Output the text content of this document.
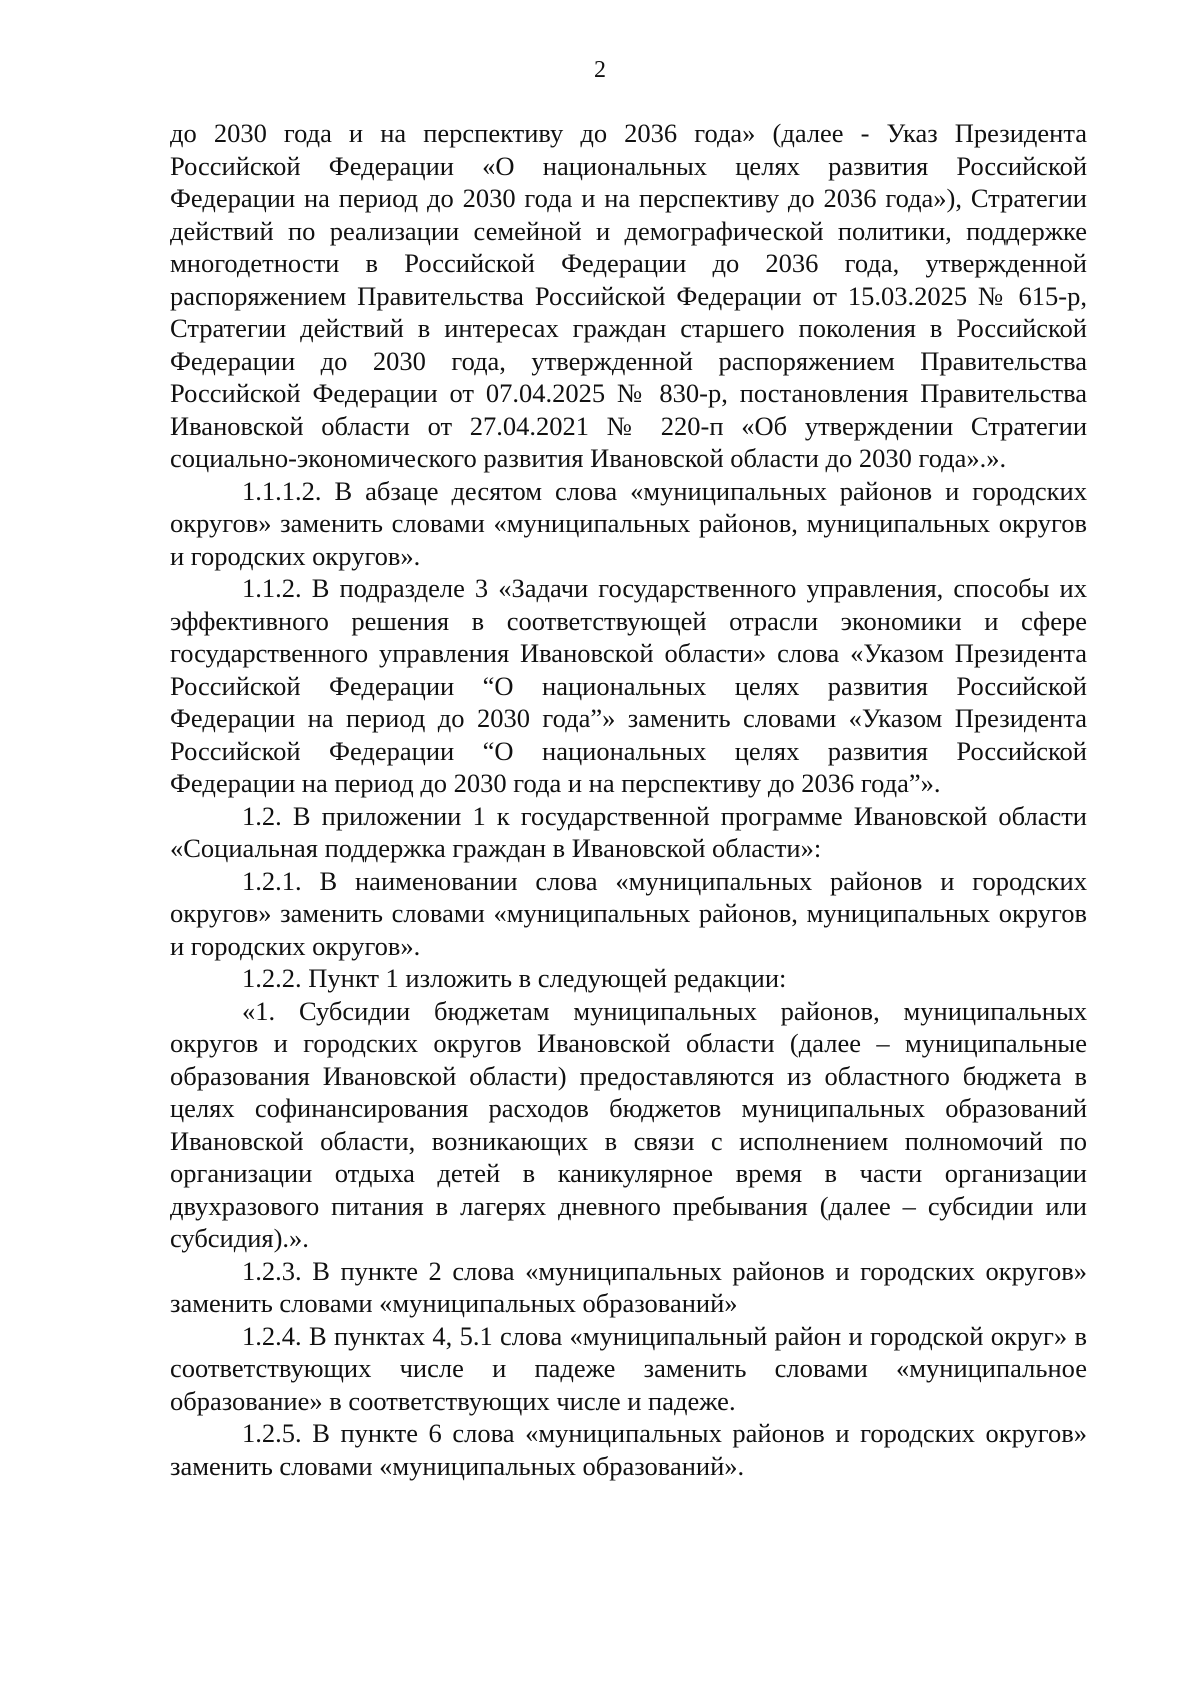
2

до 2030 года и на перспективу до 2036 года» (далее - Указ Президента Российской Федерации «О национальных целях развития Российской Федерации на период до 2030 года и на перспективу до 2036 года»), Стратегии действий по реализации семейной и демографической политики, поддержке многодетности в Российской Федерации до 2036 года, утвержденной распоряжением Правительства Российской Федерации от 15.03.2025 № 615-р, Стратегии действий в интересах граждан старшего поколения в Российской Федерации до 2030 года, утвержденной распоряжением Правительства Российской Федерации от 07.04.2025 № 830-р, постановления Правительства Ивановской области от 27.04.2021 № 220-п «Об утверждении Стратегии социально-экономического развития Ивановской области до 2030 года».».

1.1.1.2. В абзаце десятом слова «муниципальных районов и городских округов» заменить словами «муниципальных районов, муниципальных округов и городских округов».

1.1.2. В подразделе 3 «Задачи государственного управления, способы их эффективного решения в соответствующей отрасли экономики и сфере государственного управления Ивановской области» слова «Указом Президента Российской Федерации “О национальных целях развития Российской Федерации на период до 2030 года”» заменить словами «Указом Президента Российской Федерации “О национальных целях развития Российской Федерации на период до 2030 года и на перспективу до 2036 года”».

1.2. В приложении 1 к государственной программе Ивановской области «Социальная поддержка граждан в Ивановской области»:

1.2.1. В наименовании слова «муниципальных районов и городских округов» заменить словами «муниципальных районов, муниципальных округов и городских округов».

1.2.2. Пункт 1 изложить в следующей редакции:

«1. Субсидии бюджетам муниципальных районов, муниципальных округов и городских округов Ивановской области (далее – муниципальные образования Ивановской области) предоставляются из областного бюджета в целях софинансирования расходов бюджетов муниципальных образований Ивановской области, возникающих в связи с исполнением полномочий по организации отдыха детей в каникулярное время в части организации двухразового питания в лагерях дневного пребывания (далее – субсидии или субсидия).».

1.2.3. В пункте 2 слова «муниципальных районов и городских округов» заменить словами «муниципальных образований»

1.2.4. В пунктах 4, 5.1 слова «муниципальный район и городской округ» в соответствующих числе и падеже заменить словами «муниципальное образование» в соответствующих числе и падеже.

1.2.5. В пункте 6 слова «муниципальных районов и городских округов» заменить словами «муниципальных образований».
